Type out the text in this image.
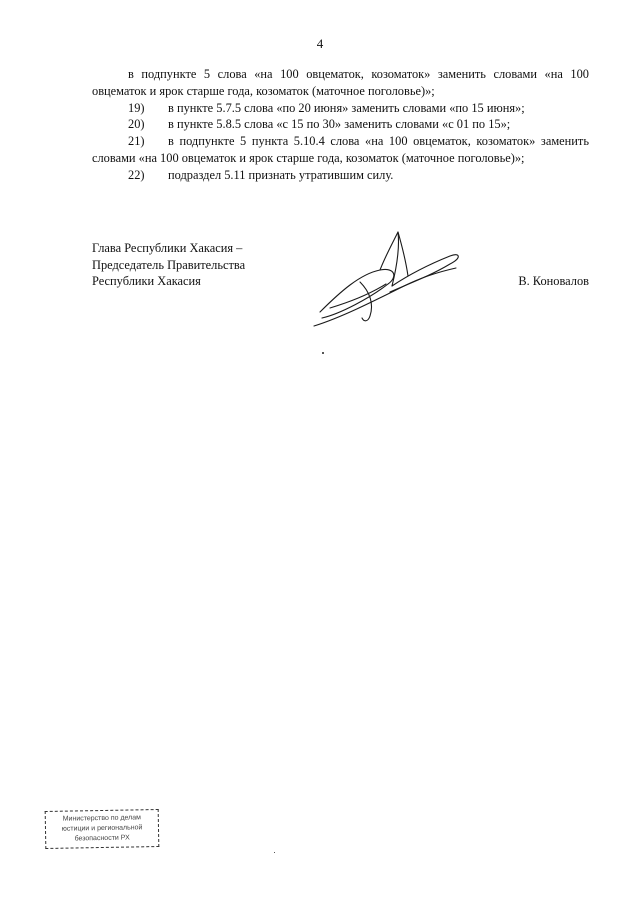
4

в подпункте 5 слова «на 100 овцематок, козоматок» заменить словами «на 100 овцематок и ярок старше года, козоматок (маточное поголовье)»;

19) в пункте 5.7.5 слова «по 20 июня» заменить словами «по 15 июня»;

20) в пункте 5.8.5 слова «с 15 по 30» заменить словами «с 01 по 15»;

21) в подпункте 5 пункта 5.10.4 слова «на 100 овцематок, козоматок» заменить словами «на 100 овцематок и ярок старше года, козоматок (маточное поголовье)»;

22) подраздел 5.11 признать утратившим силу.

Глава Республики Хакасия –
Председатель Правительства
Республики Хакасия	В. Коновалов
Министерство по делам
юстиции и региональной
безопасности РХ
